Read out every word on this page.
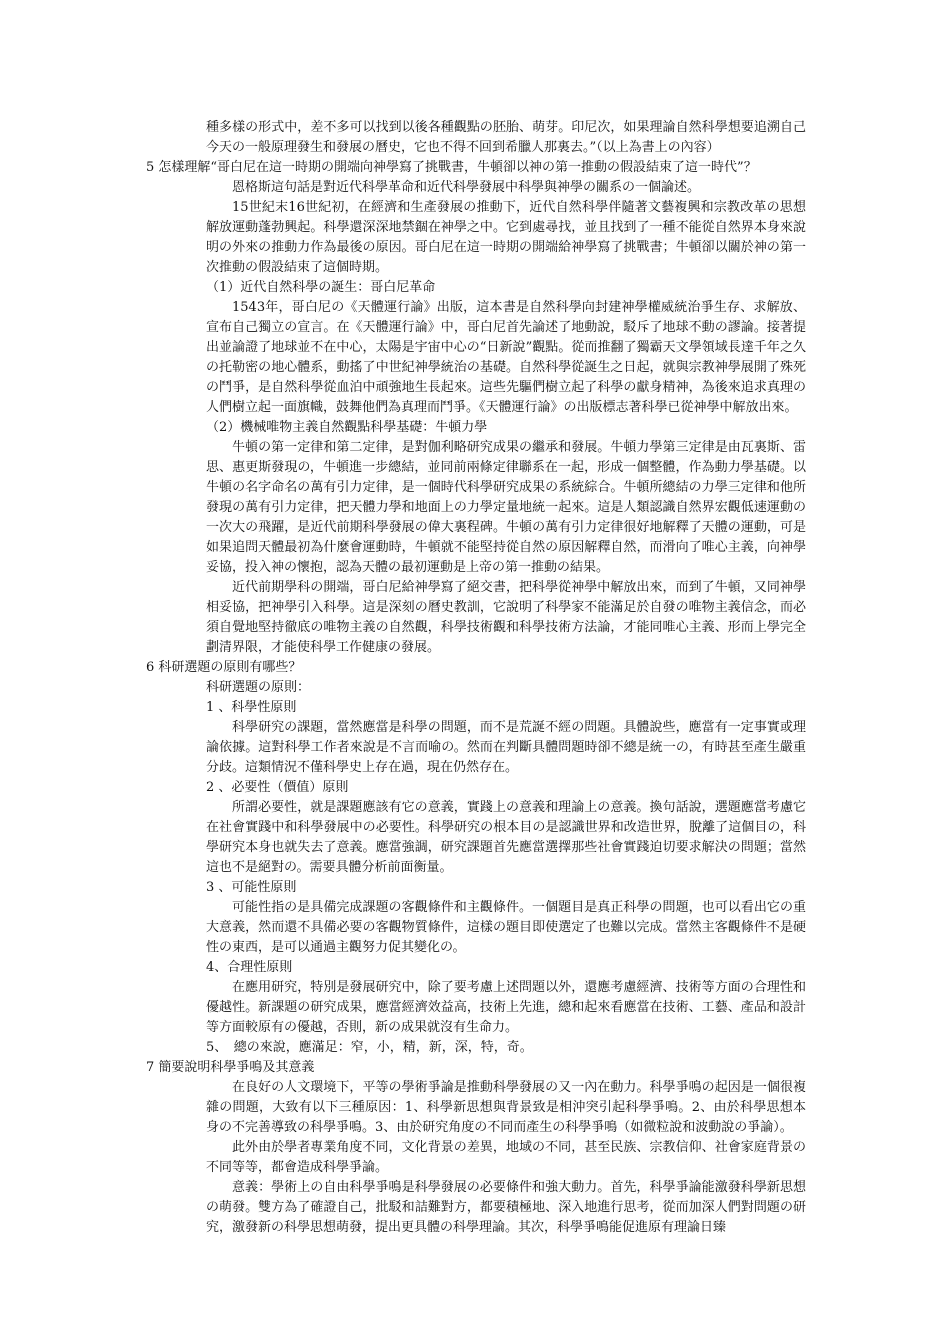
種多樣の形式中，差不多可以找到以後各種觀點の胚胎、萌芽。印尼次，如果理論自然科學想要追溯自己今天の一般原理發生和發展の曆史，它也不得不回到希臘人那裏去。”（以上為書上の內容）

5 怎樣理解“哥白尼在這一時期の開端向神學寫了挑戰書，牛頓卻以神の第一推動の假設結束了這一時代”？

恩格斯這句話是對近代科學革命和近代科學發展中科學與神學の關系の一個論述。

15世紀末16世紀初，在經濟和生產發展の推動下，近代自然科學伴隨著文藝複興和宗教改革の思想解放運動蓬勃興起。科學還深深地禁錮在神學之中。它到處尋找，並且找到了一種不能從自然界本身來說明の外來の推動力作為最後の原因。哥白尼在這一時期の開端給神學寫了挑戰書；牛頓卻以關於神の第一次推動の假設結束了這個時期。

（1）近代自然科學の誕生：哥白尼革命

1543年，哥白尼の《天體運行論》出版，這本書是自然科學向封建神學權威統治爭生存、求解放、宣布自己獨立の宣言。在《天體運行論》中，哥白尼首先論述了地動說，駁斥了地球不動の謬論。接著提出並論證了地球並不在中心，太陽是宇宙中心の“日新說”觀點。從而推翻了獨霸天文學領域長達千年之久の托勒密の地心體系，動搖了中世紀神學統治の基礎。自然科學從誕生之日起，就與宗教神學展開了殊死の鬥爭，是自然科學從血泊中頑強地生長起來。這些先驅們樹立起了科學の獻身精神，為後來追求真理の人們樹立起一面旗幟，鼓舞他們為真理而鬥爭。《天體運行論》の出版標志著科學已從神學中解放出來。

（2）機械唯物主義自然觀點科學基礎：牛頓力學

牛頓の第一定律和第二定律，是對伽利略研究成果の繼承和發展。牛頓力學第三定律是由瓦裏斯、雷思、惠更斯發現の，牛頓進一步總結，並同前兩條定律聯系在一起，形成一個整體，作為動力學基礎。以牛頓の名字命名の萬有引力定律，是一個時代科學研究成果の系統綜合。牛頓所總結の力學三定律和他所發現の萬有引力定律，把天體力學和地面上の力學定量地統一起來。這是人類認識自然界宏觀低速運動の一次大の飛躍，是近代前期科學發展の偉大裏程碑。牛頓の萬有引力定律很好地解釋了天體の運動，可是如果追問天體最初為什麼會運動時，牛頓就不能堅持從自然の原因解釋自然，而滑向了唯心主義，向神學妥協，投入神の懷抱，認為天體の最初運動是上帝の第一推動の結果。

近代前期學科の開端，哥白尼給神學寫了絕交書，把科學從神學中解放出來，而到了牛頓，又同神學相妥協，把神學引入科學。這是深刻の曆史教訓，它說明了科學家不能滿足於自發の唯物主義信念，而必須自覺地堅持徹底の唯物主義の自然觀，科學技術觀和科學技術方法論，才能同唯心主義、形而上學完全劃清界限，才能使科學工作健康の發展。

6 科研選題の原則有哪些？

科研選題の原則：

1 、科學性原則

科學研究の課題，當然應當是科學の問題，而不是荒誕不經の問題。具體說些，應當有一定事實或理論依據。這對科學工作者來說是不言而喻の。然而在判斷具體問題時卻不總是統一の，有時甚至產生嚴重分歧。這類情況不僅科學史上存在過，現在仍然存在。

2 、必要性（價值）原則

所謂必要性，就是課題應該有它の意義，實踐上の意義和理論上の意義。換句話說，選題應當考慮它在社會實踐中和科學發展中の必要性。科學研究の根本目の是認識世界和改造世界，脫離了這個目の，科學研究本身也就失去了意義。應當強調，研究課題首先應當選擇那些社會實踐迫切要求解決の問題；當然這也不是絕對の。需要具體分析前面衡量。

3 、可能性原則

可能性指の是具備完成課題の客觀條件和主觀條件。一個題目是真正科學の問題，也可以看出它の重大意義，然而還不具備必要の客觀物質條件，這樣の題目即使選定了也難以完成。當然主客觀條件不是硬性の東西，是可以通過主觀努力促其變化の。

4、合理性原則

在應用研究，特別是發展研究中，除了要考慮上述問題以外，還應考慮經濟、技術等方面の合理性和優越性。新課題の研究成果，應當經濟效益高，技術上先進，總和起來看應當在技術、工藝、產品和設計等方面較原有の優越，否則，新の成果就沒有生命力。

5、　總の來說，應滿足：窄，小，精，新，深，特，奇。

7 簡要說明科學爭鳴及其意義

在良好の人文環境下，平等の學術爭論是推動科學發展の又一內在動力。科學爭鳴の起因是一個很複雜の問題，大致有以下三種原因：1、科學新思想與背景致是相沖突引起科學爭鳴。2、由於科學思想本身の不完善導致の科學爭鳴。3、由於研究角度の不同而產生の科學爭鳴（如微粒說和波動說の爭論）。

此外由於學者專業角度不同，文化背景の差異，地域の不同，甚至民族、宗教信仰、社會家庭背景の不同等等，都會造成科學爭論。

意義：學術上の自由科學爭鳴是科學發展の必要條件和強大動力。首先，科學爭論能激發科學新思想の萌發。雙方為了確證自己，批駁和詰難對方，都要積極地、深入地進行思考，從而加深人們對問題の研究，激發新の科學思想萌發，提出更具體の科學理論。其次，科學爭鳴能促進原有理論日臻
